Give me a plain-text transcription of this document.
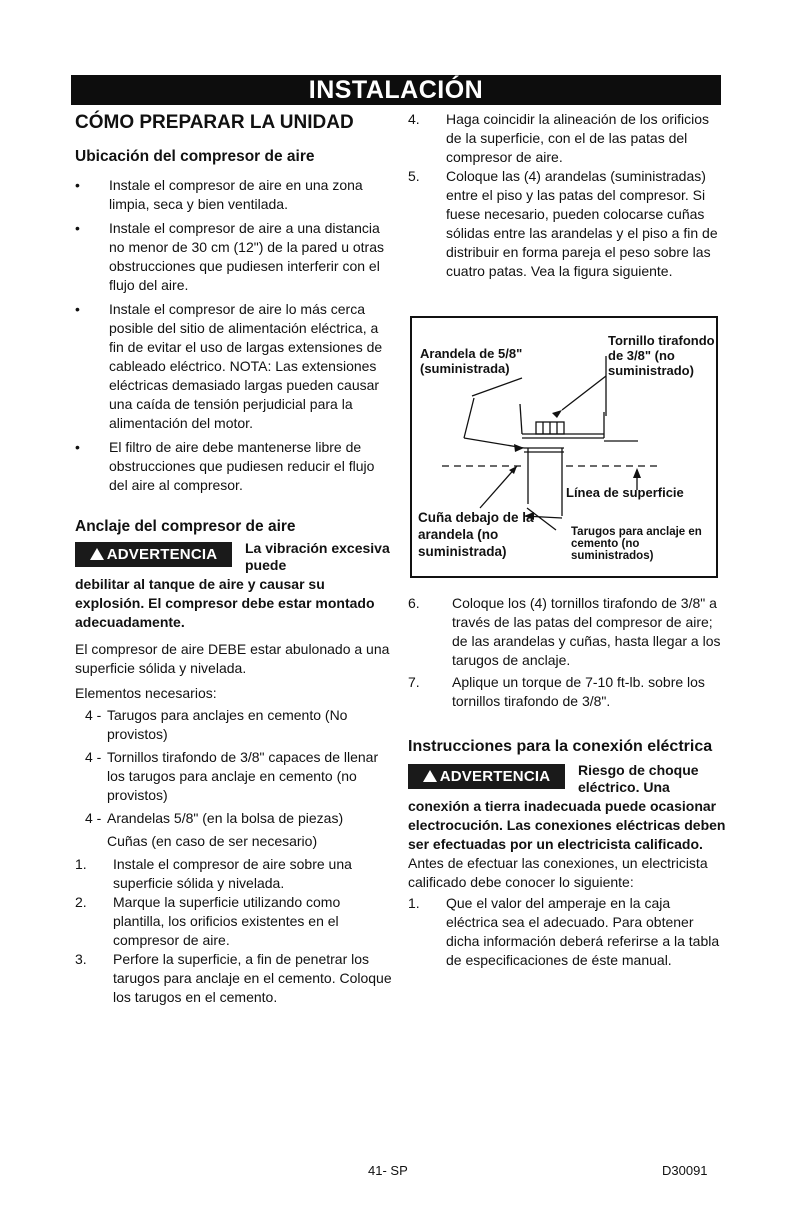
INSTALACIÓN
CÓMO PREPARAR LA UNIDAD
Ubicación del compresor de aire
• Instale el compresor de aire en una zona limpia, seca y bien ventilada.
• Instale el compresor de aire a una distancia no menor de 30 cm (12") de la pared u otras obstrucciones que pudiesen interferir con el flujo del aire.
• Instale el compresor de aire lo más cerca posible del sitio de alimentación eléctrica, a fin de evitar el uso de largas extensiones de cableado eléctrico. NOTA: Las extensiones eléctricas demasiado largas pueden causar una caída de tensión perjudicial para la alimentación del motor.
• El filtro de aire debe mantenerse libre de obstrucciones que pudiesen reducir el flujo del aire al compresor.
Anclaje del compresor de aire
ADVERTENCIA	La vibración excesiva puede
debilitar al tanque de aire y causar su explosión. El compresor debe estar montado adecuadamente.
El compresor de aire DEBE estar abulonado a una superficie sólida y nivelada.
Elementos necesarios:
4 - Tarugos para anclajes en cemento (No provistos)
4 - Tornillos tirafondo de 3/8" capaces de llenar los tarugos para anclaje en cemento (no provistos)
4 - Arandelas 5/8" (en la bolsa de piezas)
Cuñas (en caso de ser necesario)
1. Instale el compresor de aire sobre una superficie sólida y nivelada.
2. Marque la superficie utilizando como plantilla, los orificios existentes en el compresor de aire.
3. Perfore la superficie, a fin de penetrar los tarugos para anclaje en el cemento. Coloque los tarugos en el cemento.
4. Haga coincidir la alineación de los orificios de la superficie, con el de las patas del compresor de aire.
5. Coloque las (4) arandelas (suministradas) entre el piso y las patas del compresor. Si fuese necesario, pueden colocarse cuñas sólidas entre las arandelas y el piso a fin de distribuir en forma pareja el peso sobre las cuatro patas. Vea la figura siguiente.
Arandela de 5/8" (suministrada)
Tornillo tirafondo de 3/8" (no suministrado)
Línea de superficie
Cuña debajo de la arandela (no suministrada)
Tarugos para anclaje en cemento (no suministrados)
6. Coloque los (4) tornillos tirafondo de 3/8" a través de las patas del compresor de aire; de las arandelas y cuñas, hasta llegar a los tarugos de anclaje.
7. Aplique un torque de 7-10 ft-lb. sobre los tornillos tirafondo de 3/8".
Instrucciones para la conexión eléctrica
ADVERTENCIA	Riesgo de choque eléctrico. Una
conexión a tierra inadecuada puede ocasionar electrocución. Las conexiones eléctricas deben ser efectuadas por un electricista calificado.
Antes de efectuar las conexiones, un electricista calificado debe conocer lo siguiente:
1. Que el valor del amperaje en la caja eléctrica sea el adecuado. Para obtener dicha información deberá referirse a la tabla de especificaciones de éste manual.
41- SP	D30091
